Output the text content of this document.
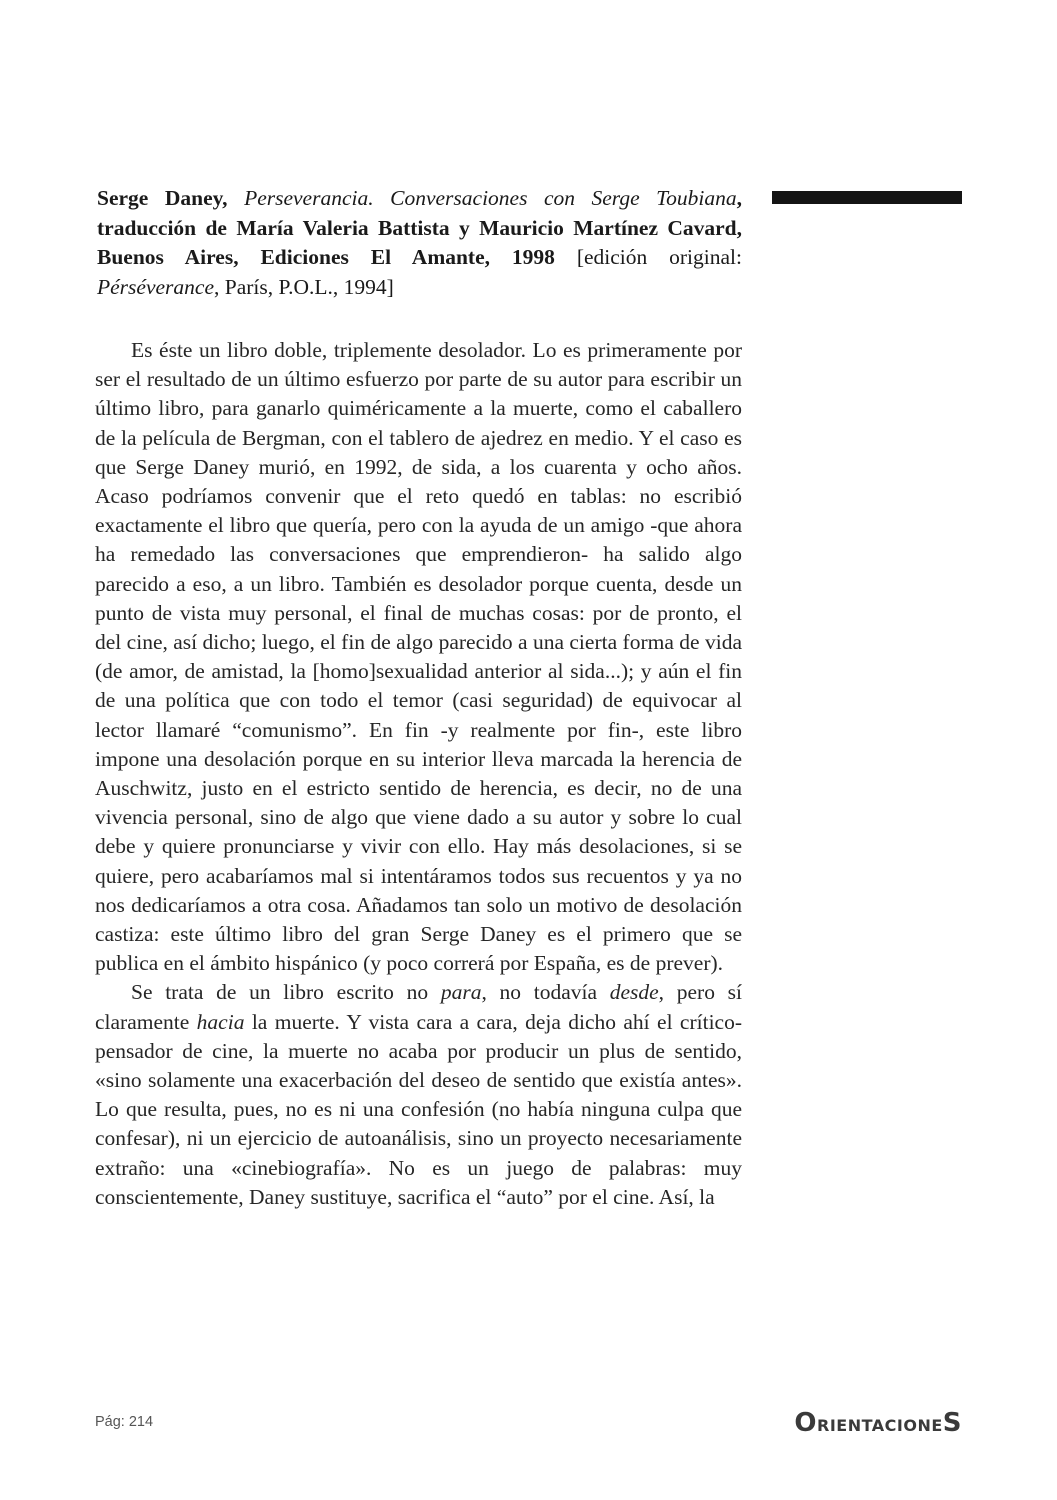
Serge Daney, Perseverancia. Conversaciones con Serge Toubiana, traducción de María Valeria Battista y Mauricio Martínez Cavard, Buenos Aires, Ediciones El Amante, 1998 [edición original: Pérséverance, París, P.O.L., 1994]

Es éste un libro doble, triplemente desolador. Lo es primeramente por ser el resultado de un último esfuerzo por parte de su autor para escribir un último libro, para ganarlo quiméricamente a la muerte, como el caballero de la película de Bergman, con el tablero de ajedrez en medio. Y el caso es que Serge Daney murió, en 1992, de sida, a los cuarenta y ocho años. Acaso podríamos convenir que el reto quedó en tablas: no escribió exactamente el libro que quería, pero con la ayuda de un amigo -que ahora ha remedado las conversaciones que emprendieron- ha salido algo parecido a eso, a un libro. También es desolador porque cuenta, desde un punto de vista muy personal, el final de muchas cosas: por de pronto, el del cine, así dicho; luego, el fin de algo parecido a una cierta forma de vida (de amor, de amistad, la [homo]sexualidad anterior al sida...); y aún el fin de una política que con todo el temor (casi seguridad) de equivocar al lector llamaré “comunismo”. En fin -y realmente por fin-, este libro impone una desolación porque en su interior lleva marcada la herencia de Auschwitz, justo en el estricto sentido de herencia, es decir, no de una vivencia personal, sino de algo que viene dado a su autor y sobre lo cual debe y quiere pronunciarse y vivir con ello. Hay más desolaciones, si se quiere, pero acabaríamos mal si intentáramos todos sus recuentos y ya no nos dedicaríamos a otra cosa. Añadamos tan solo un motivo de desolación castiza: este último libro del gran Serge Daney es el primero que se publica en el ámbito hispánico (y poco correrá por España, es de prever).

Se trata de un libro escrito no para, no todavía desde, pero sí claramente hacia la muerte. Y vista cara a cara, deja dicho ahí el crítico-pensador de cine, la muerte no acaba por producir un plus de sentido, «sino solamente una exacerbación del deseo de sentido que existía antes». Lo que resulta, pues, no es ni una confesión (no había ninguna culpa que confesar), ni un ejercicio de autoanálisis, sino un proyecto necesariamente extraño: una «cinebiografía». No es un juego de palabras: muy conscientemente, Daney sustituye, sacrifica el “auto” por el cine. Así, la

Pág: 214	O RIENTACIONE S
